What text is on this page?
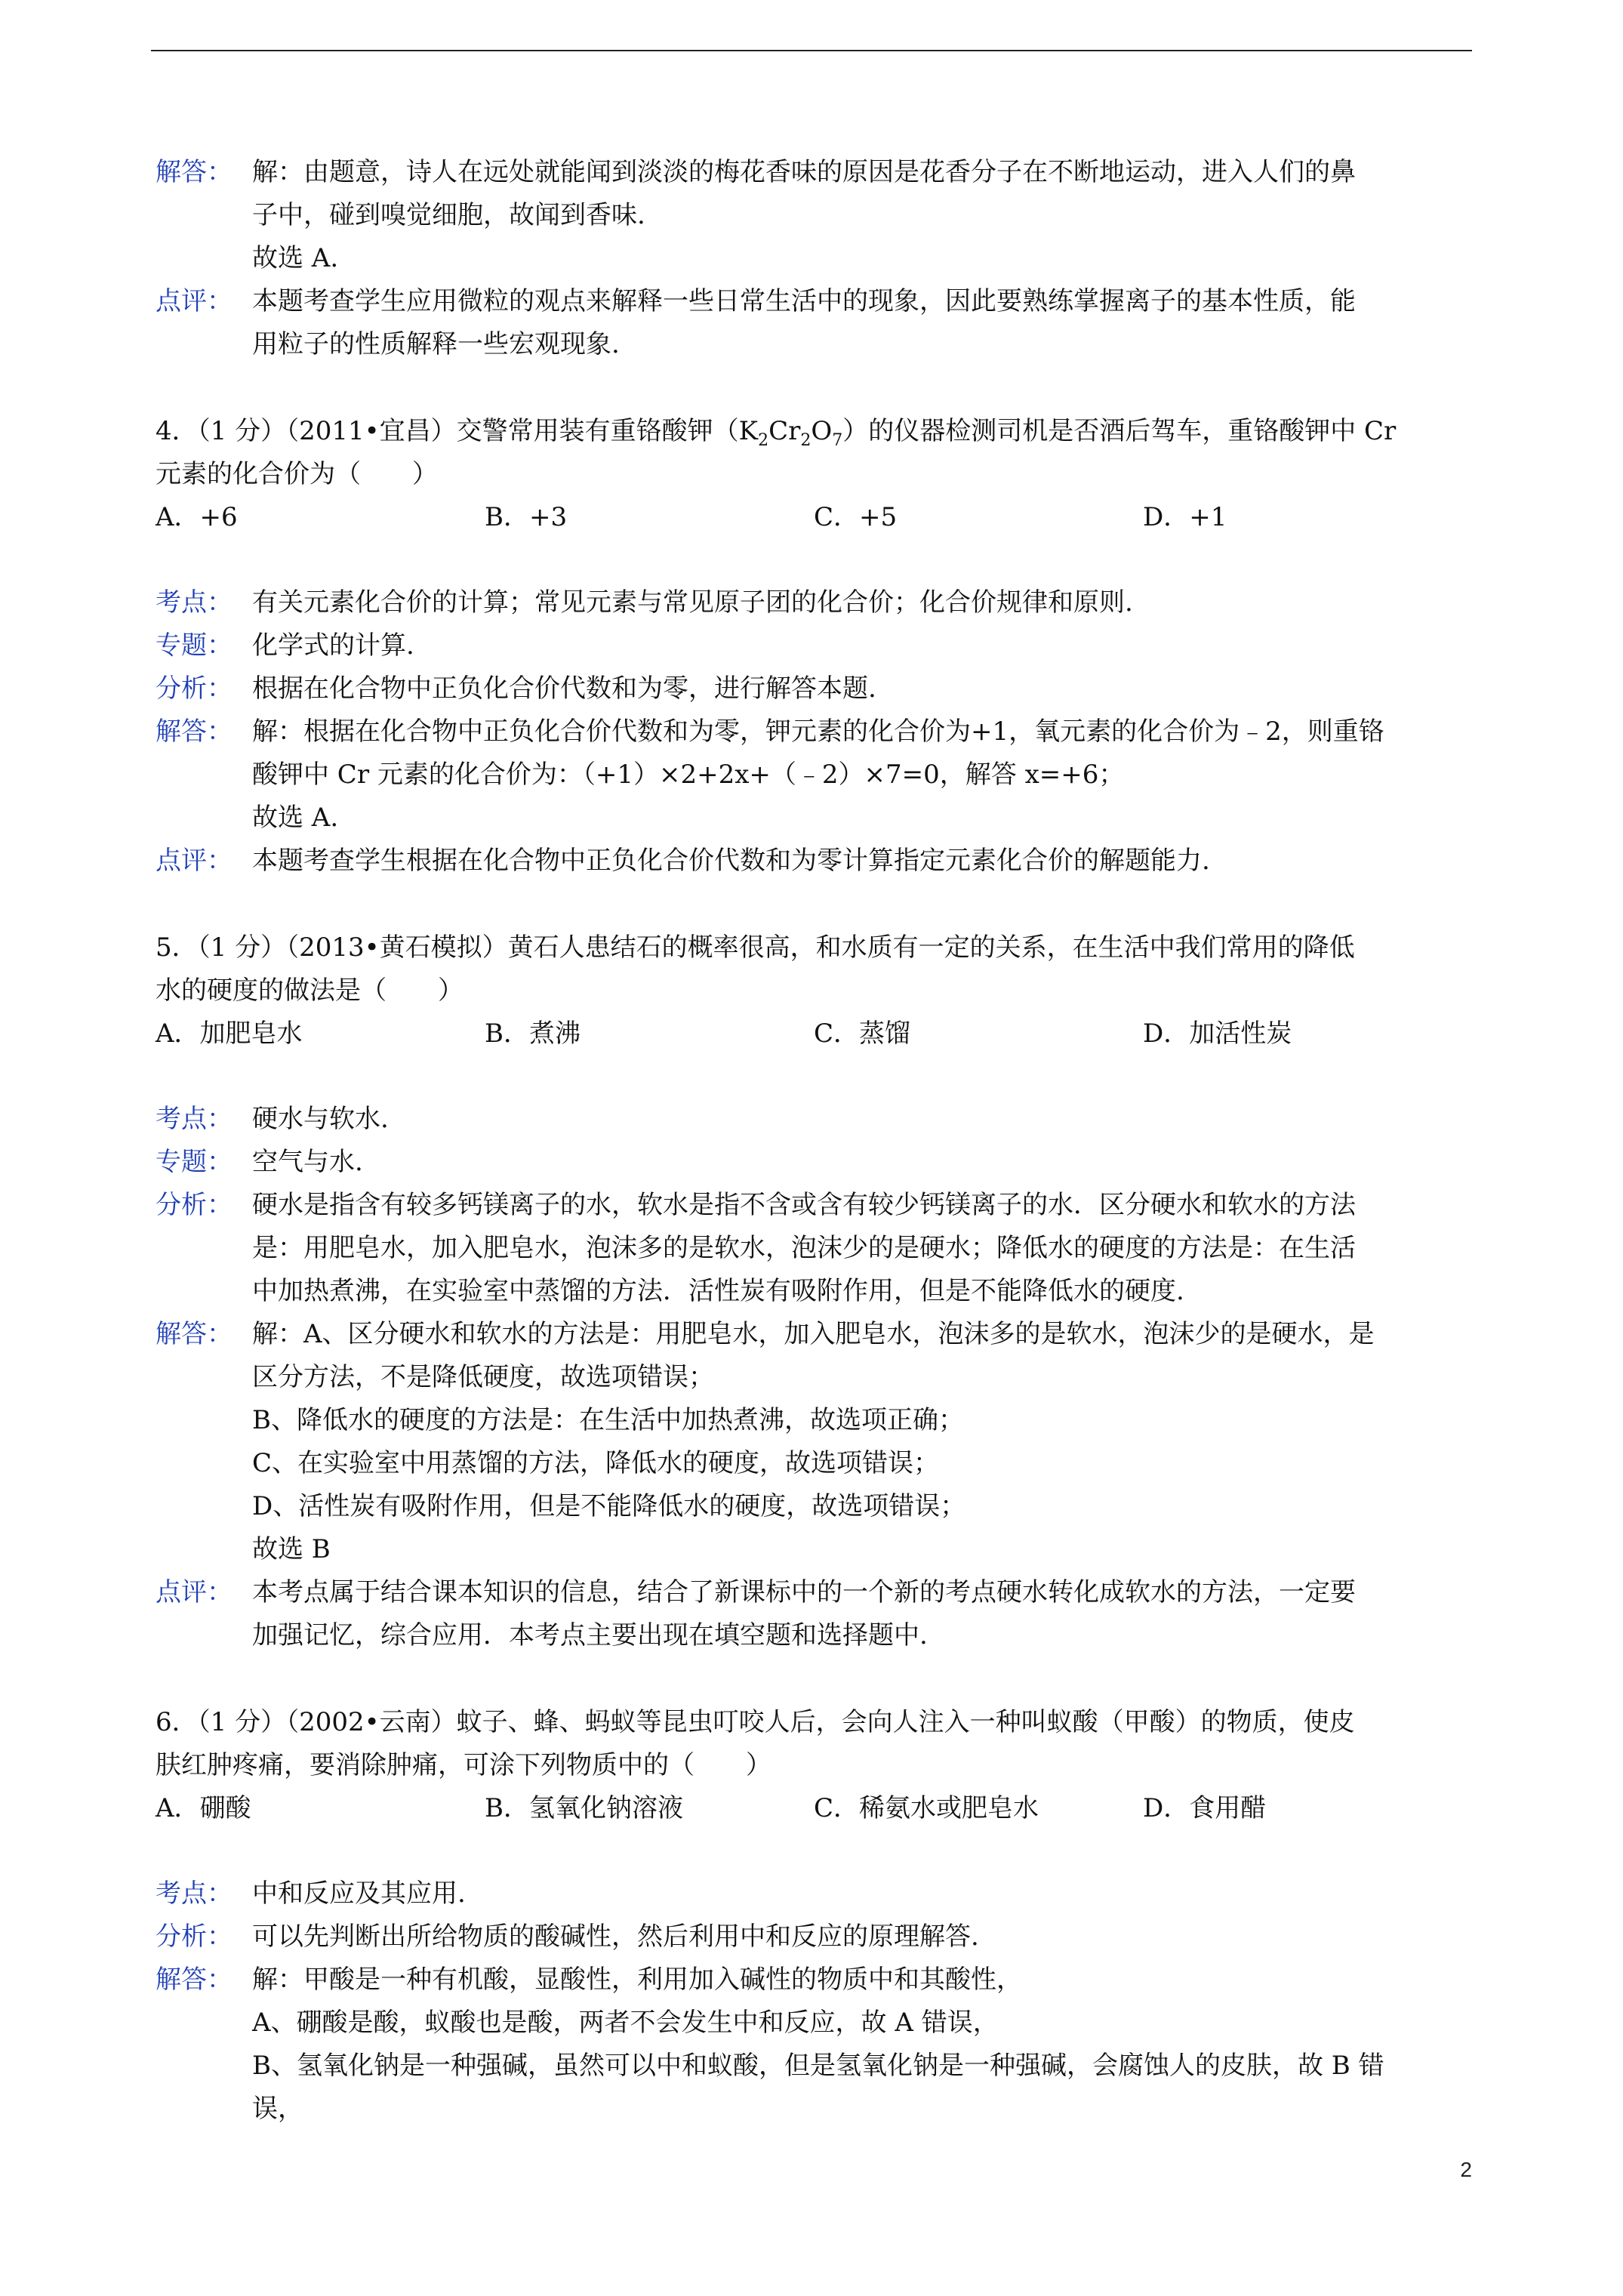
解答： 解：由题意，诗人在远处就能闻到淡淡的梅花香味的原因是花香分子在不断地运动，进入人们的鼻
子中，碰到嗅觉细胞，故闻到香味.
故选 A.
点评： 本题考查学生应用微粒的观点来解释一些日常生活中的现象，因此要熟练掌握离子的基本性质，能
用粒子的性质解释一些宏观现象.
4．（1 分）（2011•宜昌）交警常用装有重铬酸钾$(K_2Cr_2O_7)$的仪器检测司机是否酒后驾车，重铬酸钾中 Cr
元素的化合价为（　　）
A．+6	B．+3	C．+5	D．+1
考点： 有关元素化合价的计算；常见元素与常见原子团的化合价；化合价规律和原则.
专题： 化学式的计算.
分析： 根据在化合物中正负化合价代数和为零，进行解答本题.
解答： 解：根据在化合物中正负化合价代数和为零，钾元素的化合价为+1，氧元素的化合价为﹣2，则重铬
酸钾中 Cr 元素的化合价为：（+1）×2+2x+（﹣2）×7=0，解答 x=+6；
故选 A.
点评： 本题考查学生根据在化合物中正负化合价代数和为零计算指定元素化合价的解题能力.
5．（1 分）（2013•黄石模拟）黄石人患结石的概率很高，和水质有一定的关系，在生活中我们常用的降低
水的硬度的做法是（　　）
A．加肥皂水	B．煮沸	C．蒸馏	D．加活性炭
考点： 硬水与软水.
专题： 空气与水.
分析： 硬水是指含有较多钙镁离子的水，软水是指不含或含有较少钙镁离子的水．区分硬水和软水的方法
是：用肥皂水，加入肥皂水，泡沫多的是软水，泡沫少的是硬水；降低水的硬度的方法是：在生活
中加热煮沸，在实验室中蒸馏的方法．活性炭有吸附作用，但是不能降低水的硬度.
解答： 解：A、区分硬水和软水的方法是：用肥皂水，加入肥皂水，泡沫多的是软水，泡沫少的是硬水，是
区分方法，不是降低硬度，故选项错误；
B、降低水的硬度的方法是：在生活中加热煮沸，故选项正确；
C、在实验室中用蒸馏的方法，降低水的硬度，故选项错误；
D、活性炭有吸附作用，但是不能降低水的硬度，故选项错误；
故选 B
点评： 本考点属于结合课本知识的信息，结合了新课标中的一个新的考点硬水转化成软水的方法，一定要
加强记忆，综合应用．本考点主要出现在填空题和选择题中.
6．（1 分）（2002•云南）蚊子、蜂、蚂蚁等昆虫叮咬人后，会向人注入一种叫蚁酸（甲酸）的物质，使皮
肤红肿疼痛，要消除肿痛，可涂下列物质中的（　　）
A．硼酸	B．氢氧化钠溶液	C．稀氨水或肥皂水	D．食用醋
考点： 中和反应及其应用.
分析： 可以先判断出所给物质的酸碱性，然后利用中和反应的原理解答.
解答： 解：甲酸是一种有机酸，显酸性，利用加入碱性的物质中和其酸性，
A、硼酸是酸，蚁酸也是酸，两者不会发生中和反应，故 A 错误，
B、氢氧化钠是一种强碱，虽然可以中和蚁酸，但是氢氧化钠是一种强碱，会腐蚀人的皮肤，故 B 错
误，
2
